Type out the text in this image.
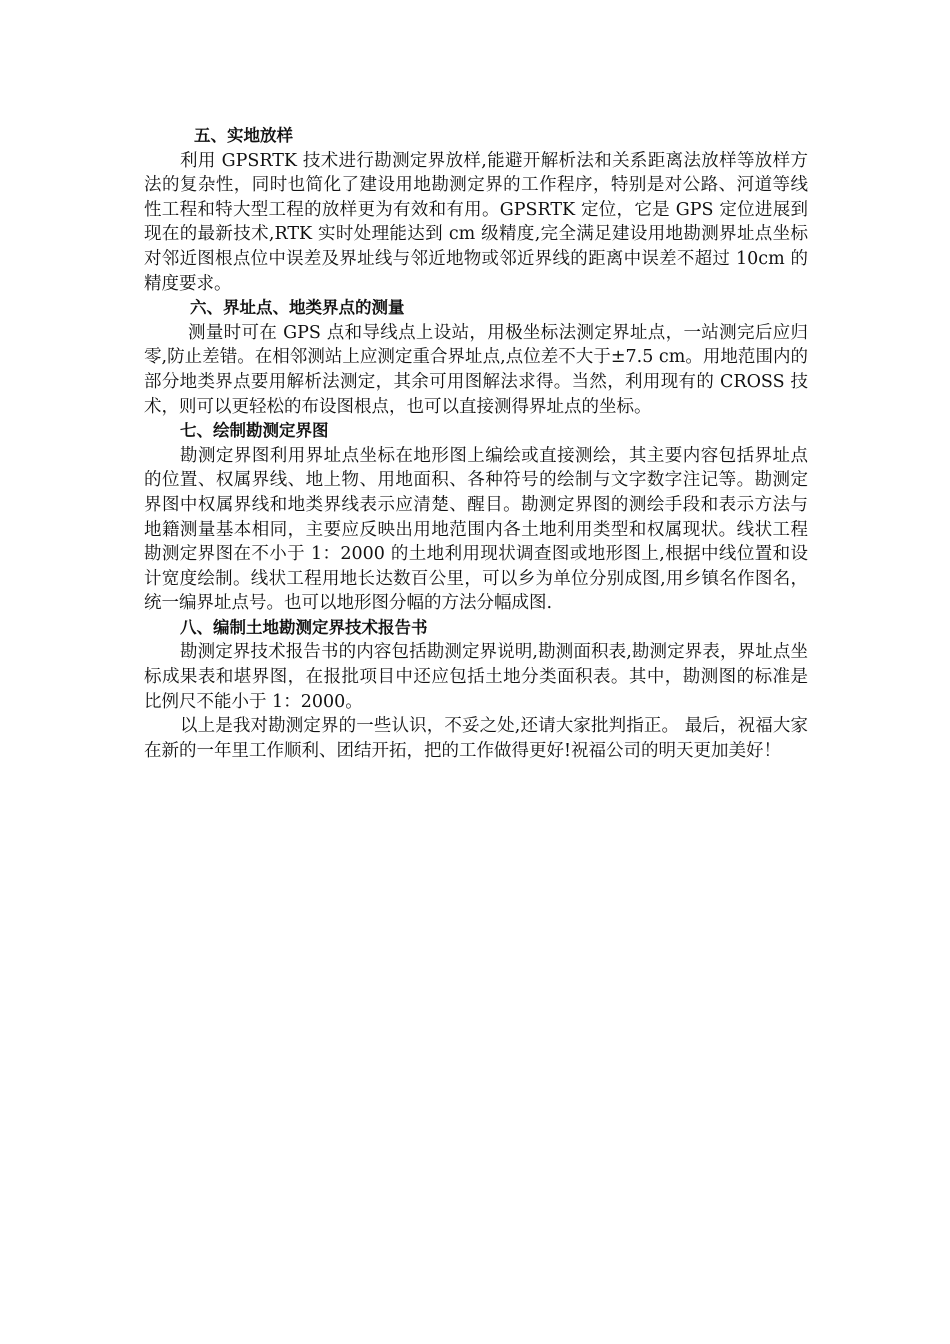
五、实地放样

利用 GPSRTK 技术进行勘测定界放样,能避开解析法和关系距离法放样等放样方法的复杂性，同时也简化了建设用地勘测定界的工作程序，特别是对公路、河道等线性工程和特大型工程的放样更为有效和有用。GPSRTK 定位，它是 GPS 定位进展到现在的最新技术,RTK 实时处理能达到 cm 级精度,完全满足建设用地勘测界址点坐标对邻近图根点位中误差及界址线与邻近地物或邻近界线的距离中误差不超过 10cm 的精度要求。

六、界址点、地类界点的测量

测量时可在 GPS 点和导线点上设站，用极坐标法测定界址点，一站测完后应归零,防止差错。在相邻测站上应测定重合界址点,点位差不大于±7.5 cm。用地范围内的部分地类界点要用解析法测定，其余可用图解法求得。当然，利用现有的 CROSS 技术，则可以更轻松的布设图根点，也可以直接测得界址点的坐标。

七、绘制勘测定界图

勘测定界图利用界址点坐标在地形图上编绘或直接测绘，其主要内容包括界址点的位置、权属界线、地上物、用地面积、各种符号的绘制与文字数字注记等。勘测定界图中权属界线和地类界线表示应清楚、醒目。勘测定界图的测绘手段和表示方法与地籍测量基本相同，主要应反映出用地范围内各土地利用类型和权属现状。线状工程勘测定界图在不小于 1：2000 的土地利用现状调查图或地形图上,根据中线位置和设计宽度绘制。线状工程用地长达数百公里，可以乡为单位分别成图,用乡镇名作图名，统一编界址点号。也可以地形图分幅的方法分幅成图.

八、编制土地勘测定界技术报告书

勘测定界技术报告书的内容包括勘测定界说明,勘测面积表,勘测定界表，界址点坐标成果表和堪界图，在报批项目中还应包括土地分类面积表。其中，勘测图的标准是比例尺不能小于 1：2000。

以上是我对勘测定界的一些认识，不妥之处,还请大家批判指正。 最后，祝福大家在新的一年里工作顺利、团结开拓，把的工作做得更好!祝福公司的明天更加美好！
